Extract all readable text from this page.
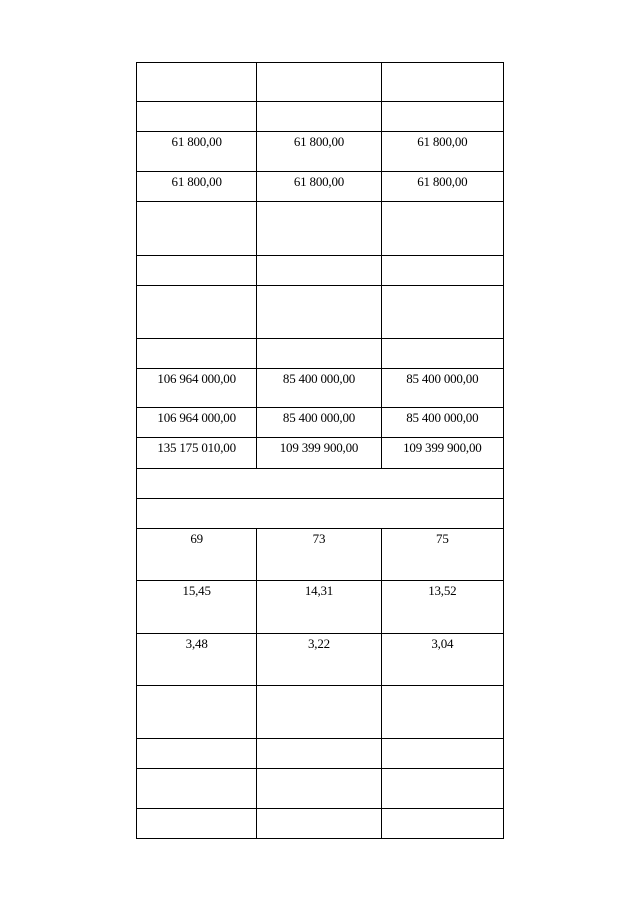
61 800,00	61 800,00	61 800,00

61 800,00	61 800,00	61 800,00

106 964 000,00	85 400 000,00	85 400 000,00

106 964 000,00	85 400 000,00	85 400 000,00

135 175 010,00	109 399 900,00	109 399 900,00

69	73	75

15,45	14,31	13,52

3,48	3,22	3,04
